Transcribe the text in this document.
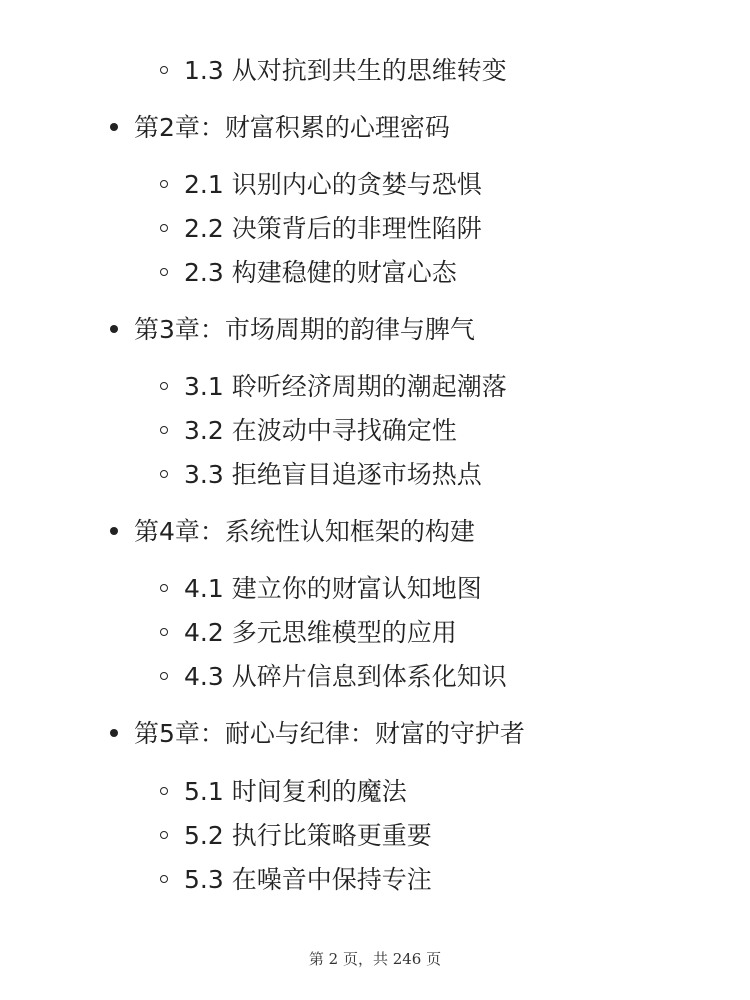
1.3 从对抗到共生的思维转变
第2章：财富积累的心理密码
2.1 识别内心的贪婪与恐惧
2.2 决策背后的非理性陷阱
2.3 构建稳健的财富心态
第3章：市场周期的韵律与脾气
3.1 聆听经济周期的潮起潮落
3.2 在波动中寻找确定性
3.3 拒绝盲目追逐市场热点
第4章：系统性认知框架的构建
4.1 建立你的财富认知地图
4.2 多元思维模型的应用
4.3 从碎片信息到体系化知识
第5章：耐心与纪律：财富的守护者
5.1 时间复利的魔法
5.2 执行比策略更重要
5.3 在噪音中保持专注
第 2 页，共 246 页
